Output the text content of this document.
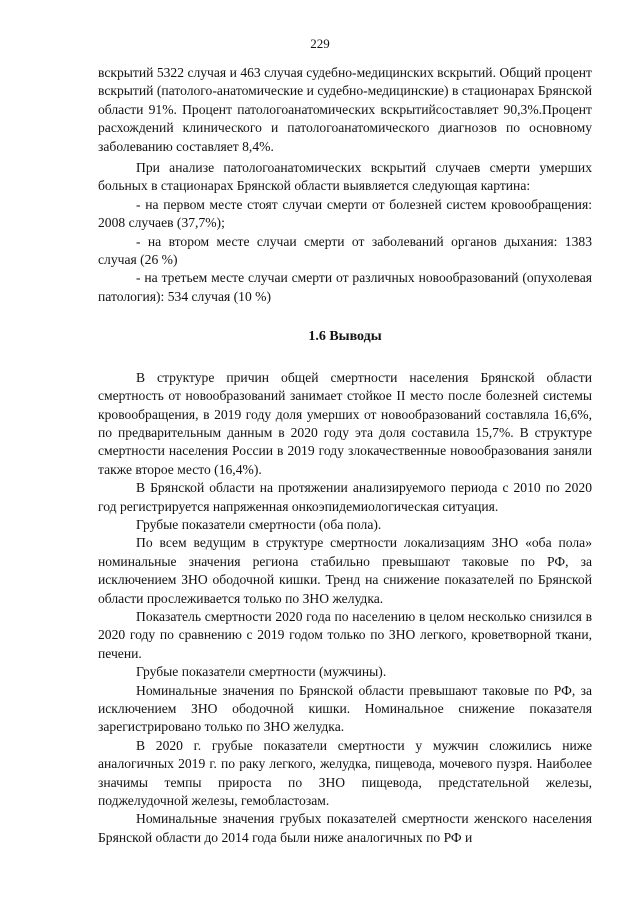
229

вскрытий 5322 случая и 463 случая судебно-медицинских вскрытий. Общий процент вскрытий (патолого-анатомические и судебно-медицинские) в стационарах Брянской области 91%. Процент патологоанатомических вскрытийсоставляет 90,3%.Процент расхождений клинического и патологоанатомического диагнозов по основному заболеванию составляет 8,4%.

При анализе патологоанатомических вскрытий случаев смерти умерших больных в стационарах Брянской области выявляется следующая картина:

- на первом месте стоят случаи смерти от болезней систем кровообращения: 2008 случаев (37,7%);

- на втором месте случаи смерти от заболеваний органов дыхания: 1383 случая (26 %)

- на третьем месте случаи смерти от различных новообразований (опухолевая патология): 534 случая (10 %)

1.6 Выводы

В структуре причин общей смертности населения Брянской области смертность от новообразований занимает стойкое II место после болезней системы кровообращения, в 2019 году доля умерших от новообразований составляла 16,6%, по предварительным данным в 2020 году эта доля составила 15,7%. В структуре смертности населения России в 2019 году злокачественные новообразования заняли также второе место (16,4%).

В Брянской области на протяжении анализируемого периода с 2010 по 2020 год регистрируется напряженная онкоэпидемиологическая ситуация.

Грубые показатели смертности (оба пола).

По всем ведущим в структуре смертности локализациям ЗНО «оба пола» номинальные значения региона стабильно превышают таковые по РФ, за исключением ЗНО ободочной кишки. Тренд на снижение показателей по Брянской области прослеживается только по ЗНО желудка.

Показатель смертности 2020 года по населению в целом несколько снизился в 2020 году по сравнению с 2019 годом только по ЗНО легкого, кроветворной ткани, печени.

Грубые показатели смертности (мужчины).

Номинальные значения по Брянской области превышают таковые по РФ, за исключением ЗНО ободочной кишки. Номинальное снижение показателя зарегистрировано только по ЗНО желудка.

В 2020 г. грубые показатели смертности у мужчин сложились ниже аналогичных 2019 г. по раку легкого, желудка, пищевода, мочевого пузря. Наиболее значимы темпы прироста по ЗНО пищевода, предстательной железы, поджелудочной железы, гемобластозам.

Номинальные значения грубых показателей смертности женского населения Брянской области до 2014 года были ниже аналогичных по РФ и
